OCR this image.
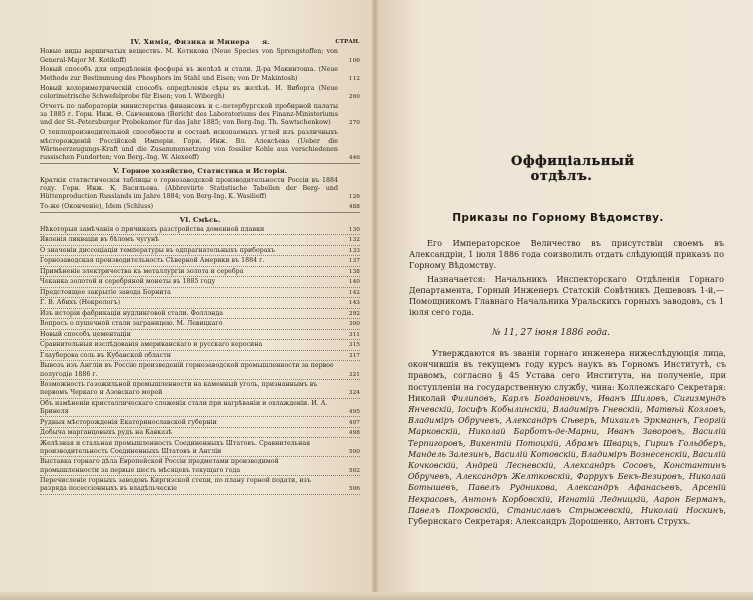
IV. Химія, Физика и Минера я.	СТРАН.
Новые виды варшичатых веществъ. М. Котикова (Neue Species von Sprengstoffen; von General-Major M. Kotikoff)	106
Новый способъ для опредѣленія фосфора въ желѣзѣ и стали. Д-ра Макинтоша. (Neue Methode zur Bestimmung des Phosphors im Stahl und Eisen; von Dr Makintosh)	112
Новый колориметрическій способъ опредѣленія сѣры въ желѣзѣ. И. Виборга (Neue colorimetrische Schwefelprobe für Eisen; von I. Wiborgh)	260
Отчетъ по лабораторіи министерства финансовъ и с.-петербургской пробирной палаты за 1885 г. Горн. Инж. Ѳ. Савченкова (Bericht des Laboratoriums des Finanz-Ministeriums und der St.-Petersburger Probekamer für das Jahr 1885; von Berg-Ing. Th. Sawtschenkow)	270
О теплопроизводительной способности и составѣ ископаемыхъ углей изъ различныхъ мѣсторожденій Россійской Имперіи. Горн. Инж. Вл. Алексѣева (Ueber die Wärmeerzeugungs-Kraft und die Zusammensetzung von fossiler Kohle aus verschiedenen russischen Fundorten; von Berg.-Ing. W. Alexeeff)	446
V. Горное хозяйство, Статистика и Исторія.
Краткія статистическія таблицы о горнозаводской производительности Россіи въ 1884 году. Горн. Инж. К. Васильева. (Abbreviirte Statistische Tabellen der Berg- und Hüttenproduction Russlands im Jahre 1884; von Berg-Ing. K. Wasilieff)	126
То-же (Оконченіе), Idem (Schluss)	488
VI. Смѣсь.
Нѣкоторыя замѣчанія о причинахъ разстройства доменной плавки	130
Явленія ликваціи въ бѣломъ чугунѣ	132
О значеніи диссоціаціи температуры въ одпрагнательныхъ приборахъ	133
Горнозаводская производительность Сѣверной Америки въ 1884 г.	137
Примѣненіе электричества къ металлургіи золота и серебра	138
Чеканка золотой и серебряной монеты въ 1885 году	140
Предстоящее закрытіе завода Борнита	142
Г. В. Абихъ (Некрологъ)	143
Изъ исторіи фабрикаціи нудлинговой стали. Фоллэнда	292
Вопросъ о пушечной стали заграницею. М. Левицкаго	300
Новый способъ цементаціи	311
Сравнительныя изслѣдованія американскаго и русскаго керосина	315
Глауберова соль въ Кубанской области	317
Вывозъ изъ Англіи въ Россію произведеній горнозаводской промышленности за первое полугодіе 1886 г.	321
Возможность газожильной промышленности на каменный уголь, признаннымъ въ первомъ Черкаго и Азовскаго морей	324
Объ измѣненіи кристаллическаго сложенія стали при нагрѣваніи и охлажденіи. И. А. Бринеля	495
Рудныя мѣсторожденія Екатеринославской губерніи	497
Добыча марганцовыхъ рудъ на Кавказѣ	498
Желѣзная и стальная промышленность Соединенныхъ Штатовъ. Сравнительная производительность Соединенныхъ Штатовъ и Англіи	500
Выставка горнаго дѣла Европейской Россіи предметами производимой промышленности за первые шесть мѣсяцевъ текущаго года	502
Перечисленіе горныхъ заводовъ Киргизской степи, по плану горной подати, изъ разряда посессіонныхъ въ владѣльческіе	506
Оффиціальный отдѣлъ.
Приказы по Горному Вѣдомству.
Его Императорское Величество въ присутствіи своемъ въ Александріи, 1 іюля 1886 года соизволилъ отдать слѣдующій приказъ по Горному Вѣдомству.
Назначается: Начальникъ Инспекторскаго Отдѣленія Горнаго Департамента, Горный Инженеръ Статскій Совѣтникъ Дешевовъ 1-й,— Помощникомъ Главнаго Начальника Уральскихъ горныхъ заводовъ, съ 1 іюля сего года.
№ 11, 27 іюня 1886 года.
Утверждаются въ званіи горнаго инженера нижеслѣдующія лица, окончившія въ текущемъ году курсъ наукъ въ Горномъ Институтѣ, съ правомъ, согласно § 45 Устава сего Института, на полученіе, при поступленіи на государственную службу, чина: Коллежскаго Секретаря: Николай Филиповъ, Карлъ Богдановичъ, Иванъ Шиловъ, Сигизмундъ Янчевскій, Іосифъ Кобылинскій, Владиміръ Гневскій, Матвѣй Козловъ, Владиміръ Обручевъ, Александръ Сѣверъ, Михаилъ Эркманнъ, Георгій Марковскій, Николай Барботъ-де-Марни, Иванъ Заворовъ, Василій Терпигоровъ, Викентій Потоцкій, Абрамъ Шварцъ, Гиршъ Гольдберъ, Мандель Залезинъ, Василій Котовскій, Владиміръ Вознесенскій, Василій Кочковскій, Андрей Лесневскій, Александръ Сосовъ, Константинъ Обручевъ, Александръ Желтковскій, Фаррухъ Бекъ-Везировъ, Николай Ботышевъ, Павелъ Рудникова, Александръ Афанасьевъ, Арсеній Некрасовъ, Антонъ Корбовскій, Игнатій Ледницкій, Аарон Берманъ, Павелъ Покровскій, Станиславъ Стрыжевскій, Николай Носкинъ, Губернскаго Секретаря: Александръ Дорошенко, Антонъ Струхъ.
